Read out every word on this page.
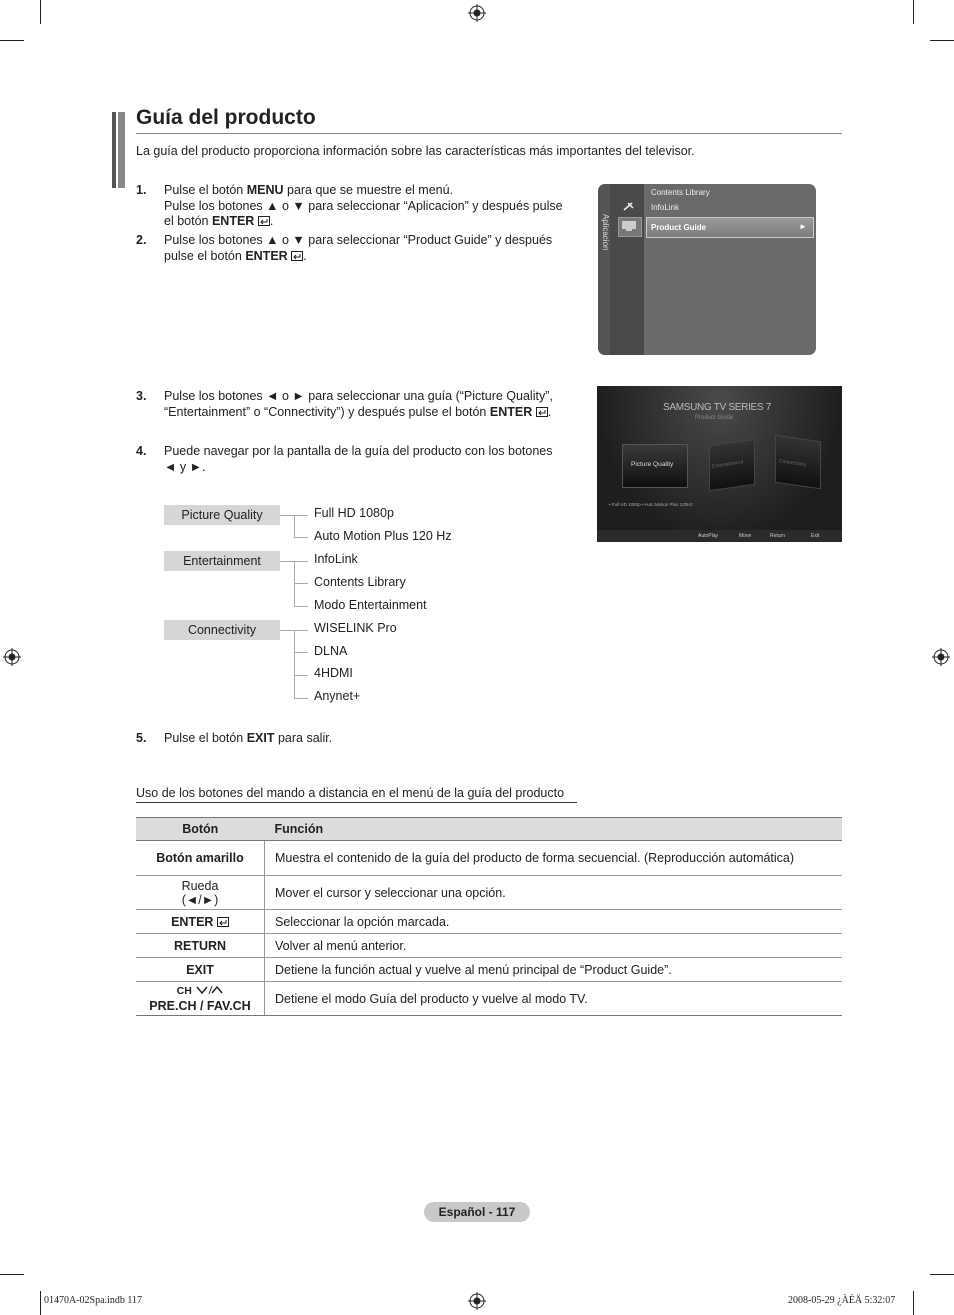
Guía del producto
La guía del producto proporciona información sobre las características más importantes del televisor.
1. Pulse el botón MENU para que se muestre el menú.
Pulse los botones ▲ o ▼ para seleccionar “Aplicacion” y después pulse
el botón ENTER .
2. Pulse los botones ▲ o ▼ para seleccionar “Product Guide” y después
pulse el botón ENTER .
Aplicacion
Contents Library
InfoLink
Product Guide	►
3. Pulse los botones ◄ o ► para seleccionar una guía (“Picture Quality”,
“Entertainment” o “Connectivity”) y después pulse el botón ENTER .	SAMSUNG TV SERIES 7
Product Guide
Picture Quality	Entertainment	Connectivity
• Full HD 1080p • Auto Motion Plus 120Hz
AutoPlay	Move	Return	Exit
4. Puede navegar por la pantalla de la guía del producto con los botones
◄ y ►.
Picture Quality
Entertainment
Connectivity
Full HD 1080p
Auto Motion Plus 120 Hz
InfoLink
Contents Library
Modo Entertainment
WISELINK Pro
DLNA
4HDMI
Anynet+
5. Pulse el botón EXIT para salir.
Uso de los botones del mando a distancia en el menú de la guía del producto
Botón	Función
Botón amarillo	Muestra el contenido de la guía del producto de forma secuencial. (Reproducción automática)
Rueda
(◄/►)	Mover el cursor y seleccionar una opción.
ENTER	Seleccionar la opción marcada.
RETURN	Volver al menú anterior.
EXIT	Detiene la función actual y vuelve al menú principal de “Product Guide”.
CH
PRE.CH / FAV.CH	Detiene el modo Guía del producto y vuelve al modo TV.
Español - 117
01470A-02Spa.indb 117	2008-05-29 ¿ÀÈÄ 5:32:07
